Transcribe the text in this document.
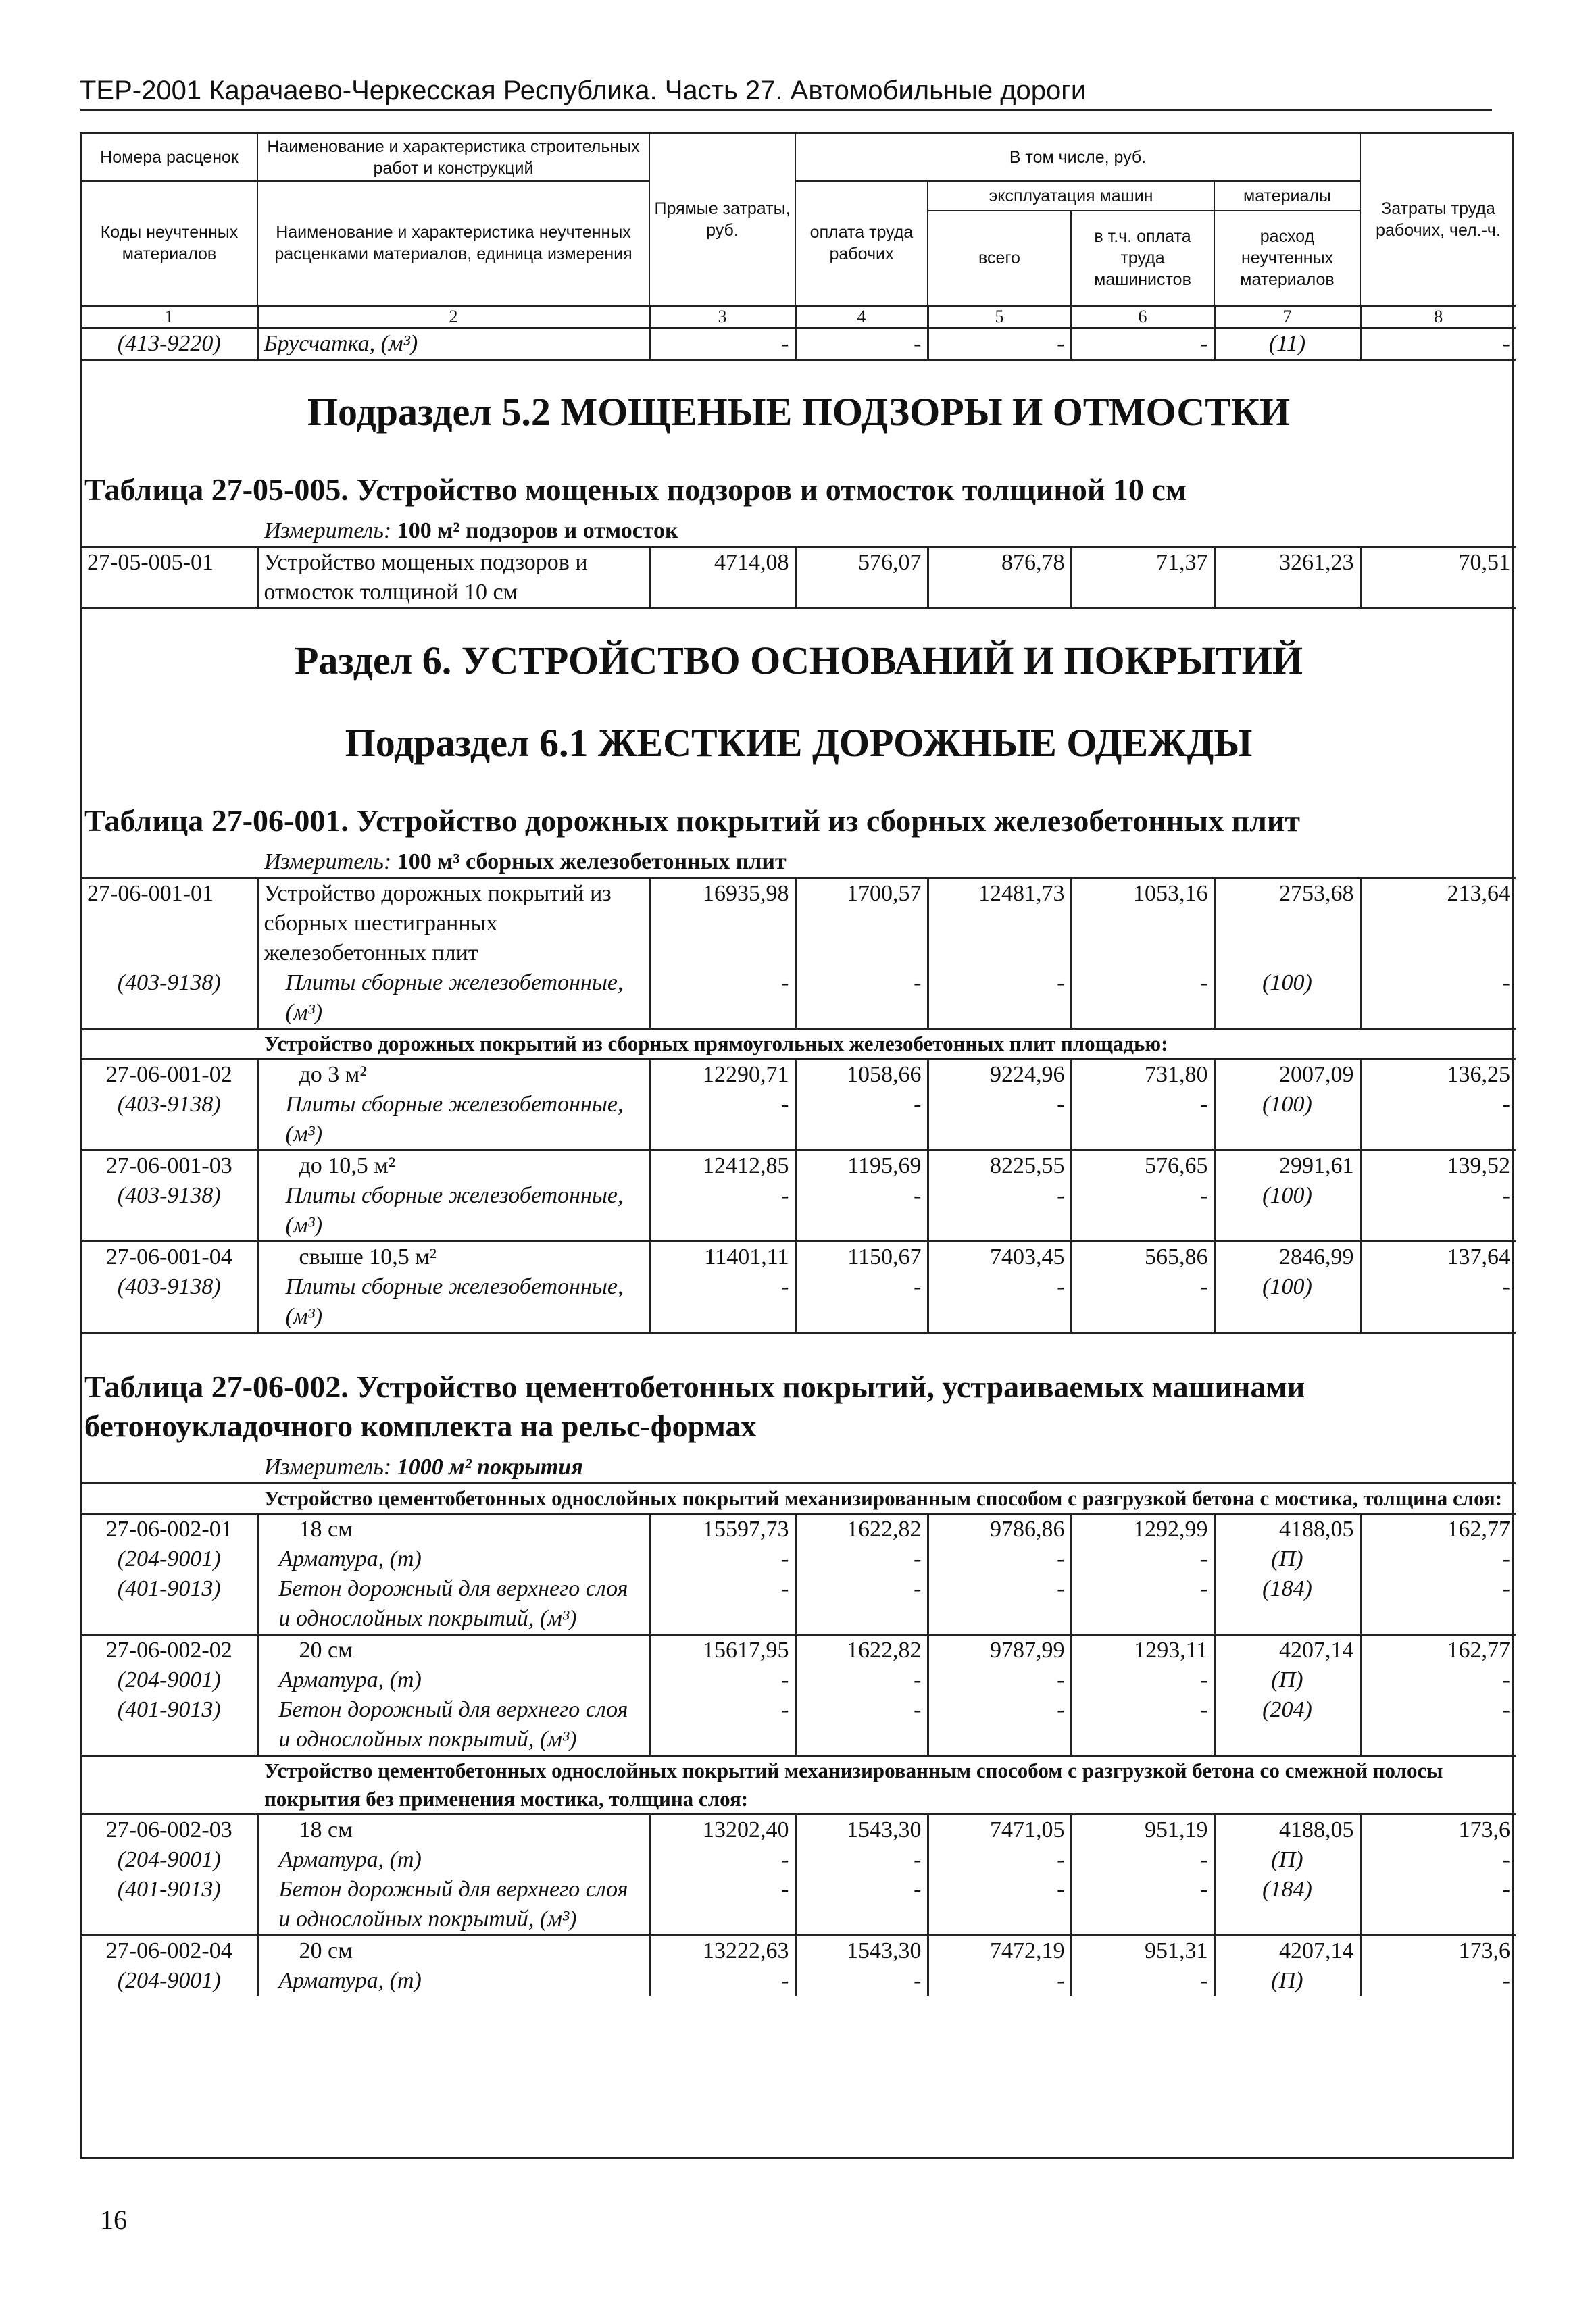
ТЕР-2001 Карачаево-Черкесская Республика. Часть 27. Автомобильные дороги
Номера расценок	Наименование и характеристика строительных работ и конструкций	Прямые затраты, руб.	В том числе, руб.				Затраты труда рабочих, чел.-ч.
Коды неучтенных материалов	Наименование и характеристика неучтенных расценками материалов, единица измерения		оплата труда рабочих	эксплуатация машин		материалы	
				всего	в т.ч. оплата труда машинистов	расход неучтенных материалов	
1	2	3	4	5	6	7	8
(413-9220)	Брусчатка, (м³)	-	-	-	-	(11)	-
Подраздел 5.2 МОЩЕНЫЕ ПОДЗОРЫ И ОТМОСТКИ							
Таблица 27-05-005. Устройство мощеных подзоров и отмосток толщиной 10 см							
Измеритель: 100 м² подзоров и отмосток							
27-05-005-01	Устройство мощеных подзоров и отмосток толщиной 10 см	4714,08	576,07	876,78	71,37	3261,23	70,51
Раздел 6. УСТРОЙСТВО ОСНОВАНИЙ И ПОКРЫТИЙ							
Подраздел 6.1 ЖЕСТКИЕ ДОРОЖНЫЕ ОДЕЖДЫ							
Таблица 27-06-001. Устройство дорожных покрытий из сборных железобетонных плит							
Измеритель: 100 м³ сборных железобетонных плит							
27-06-001-01	Устройство дорожных покрытий из сборных шестигранных железобетонных плит	16935,98	1700,57	12481,73	1053,16	2753,68	213,64
(403-9138)	Плиты сборные железобетонные, (м³)	-	-	-	-	(100)	-
Устройство дорожных покрытий из сборных прямоугольных железобетонных плит площадью:							
27-06-001-02	до 3 м²	12290,71	1058,66	9224,96	731,80	2007,09	136,25
(403-9138)	Плиты сборные железобетонные, (м³)	-	-	-	-	(100)	-
27-06-001-03	до 10,5 м²	12412,85	1195,69	8225,55	576,65	2991,61	139,52
(403-9138)	Плиты сборные железобетонные, (м³)	-	-	-	-	(100)	-
27-06-001-04	свыше 10,5 м²	11401,11	1150,67	7403,45	565,86	2846,99	137,64
(403-9138)	Плиты сборные железобетонные, (м³)	-	-	-	-	(100)	-
Таблица 27-06-002. Устройство цементобетонных покрытий, устраиваемых машинами бетоноукладочного комплекта на рельс-формах							
Измеритель: 1000 м² покрытия							
Устройство цементобетонных однослойных покрытий механизированным способом с разгрузкой бетона с мостика, толщина слоя:							
27-06-002-01	18 см	15597,73	1622,82	9786,86	1292,99	4188,05	162,77
(204-9001)	Арматура, (т)	-	-	-	-	(П)	-
(401-9013)	Бетон дорожный для верхнего слоя и однослойных покрытий, (м³)	-	-	-	-	(184)	-
27-06-002-02	20 см	15617,95	1622,82	9787,99	1293,11	4207,14	162,77
(204-9001)	Арматура, (т)	-	-	-	-	(П)	-
(401-9013)	Бетон дорожный для верхнего слоя и однослойных покрытий, (м³)	-	-	-	-	(204)	-
Устройство цементобетонных однослойных покрытий механизированным способом с разгрузкой бетона со смежной полосы покрытия без применения мостика, толщина слоя:							
27-06-002-03	18 см	13202,40	1543,30	7471,05	951,19	4188,05	173,6
(204-9001)	Арматура, (т)	-	-	-	-	(П)	-
(401-9013)	Бетон дорожный для верхнего слоя и однослойных покрытий, (м³)	-	-	-	-	(184)	-
27-06-002-04	20 см	13222,63	1543,30	7472,19	951,31	4207,14	173,6
(204-9001)	Арматура, (т)	-	-	-	-	(П)	-
16
